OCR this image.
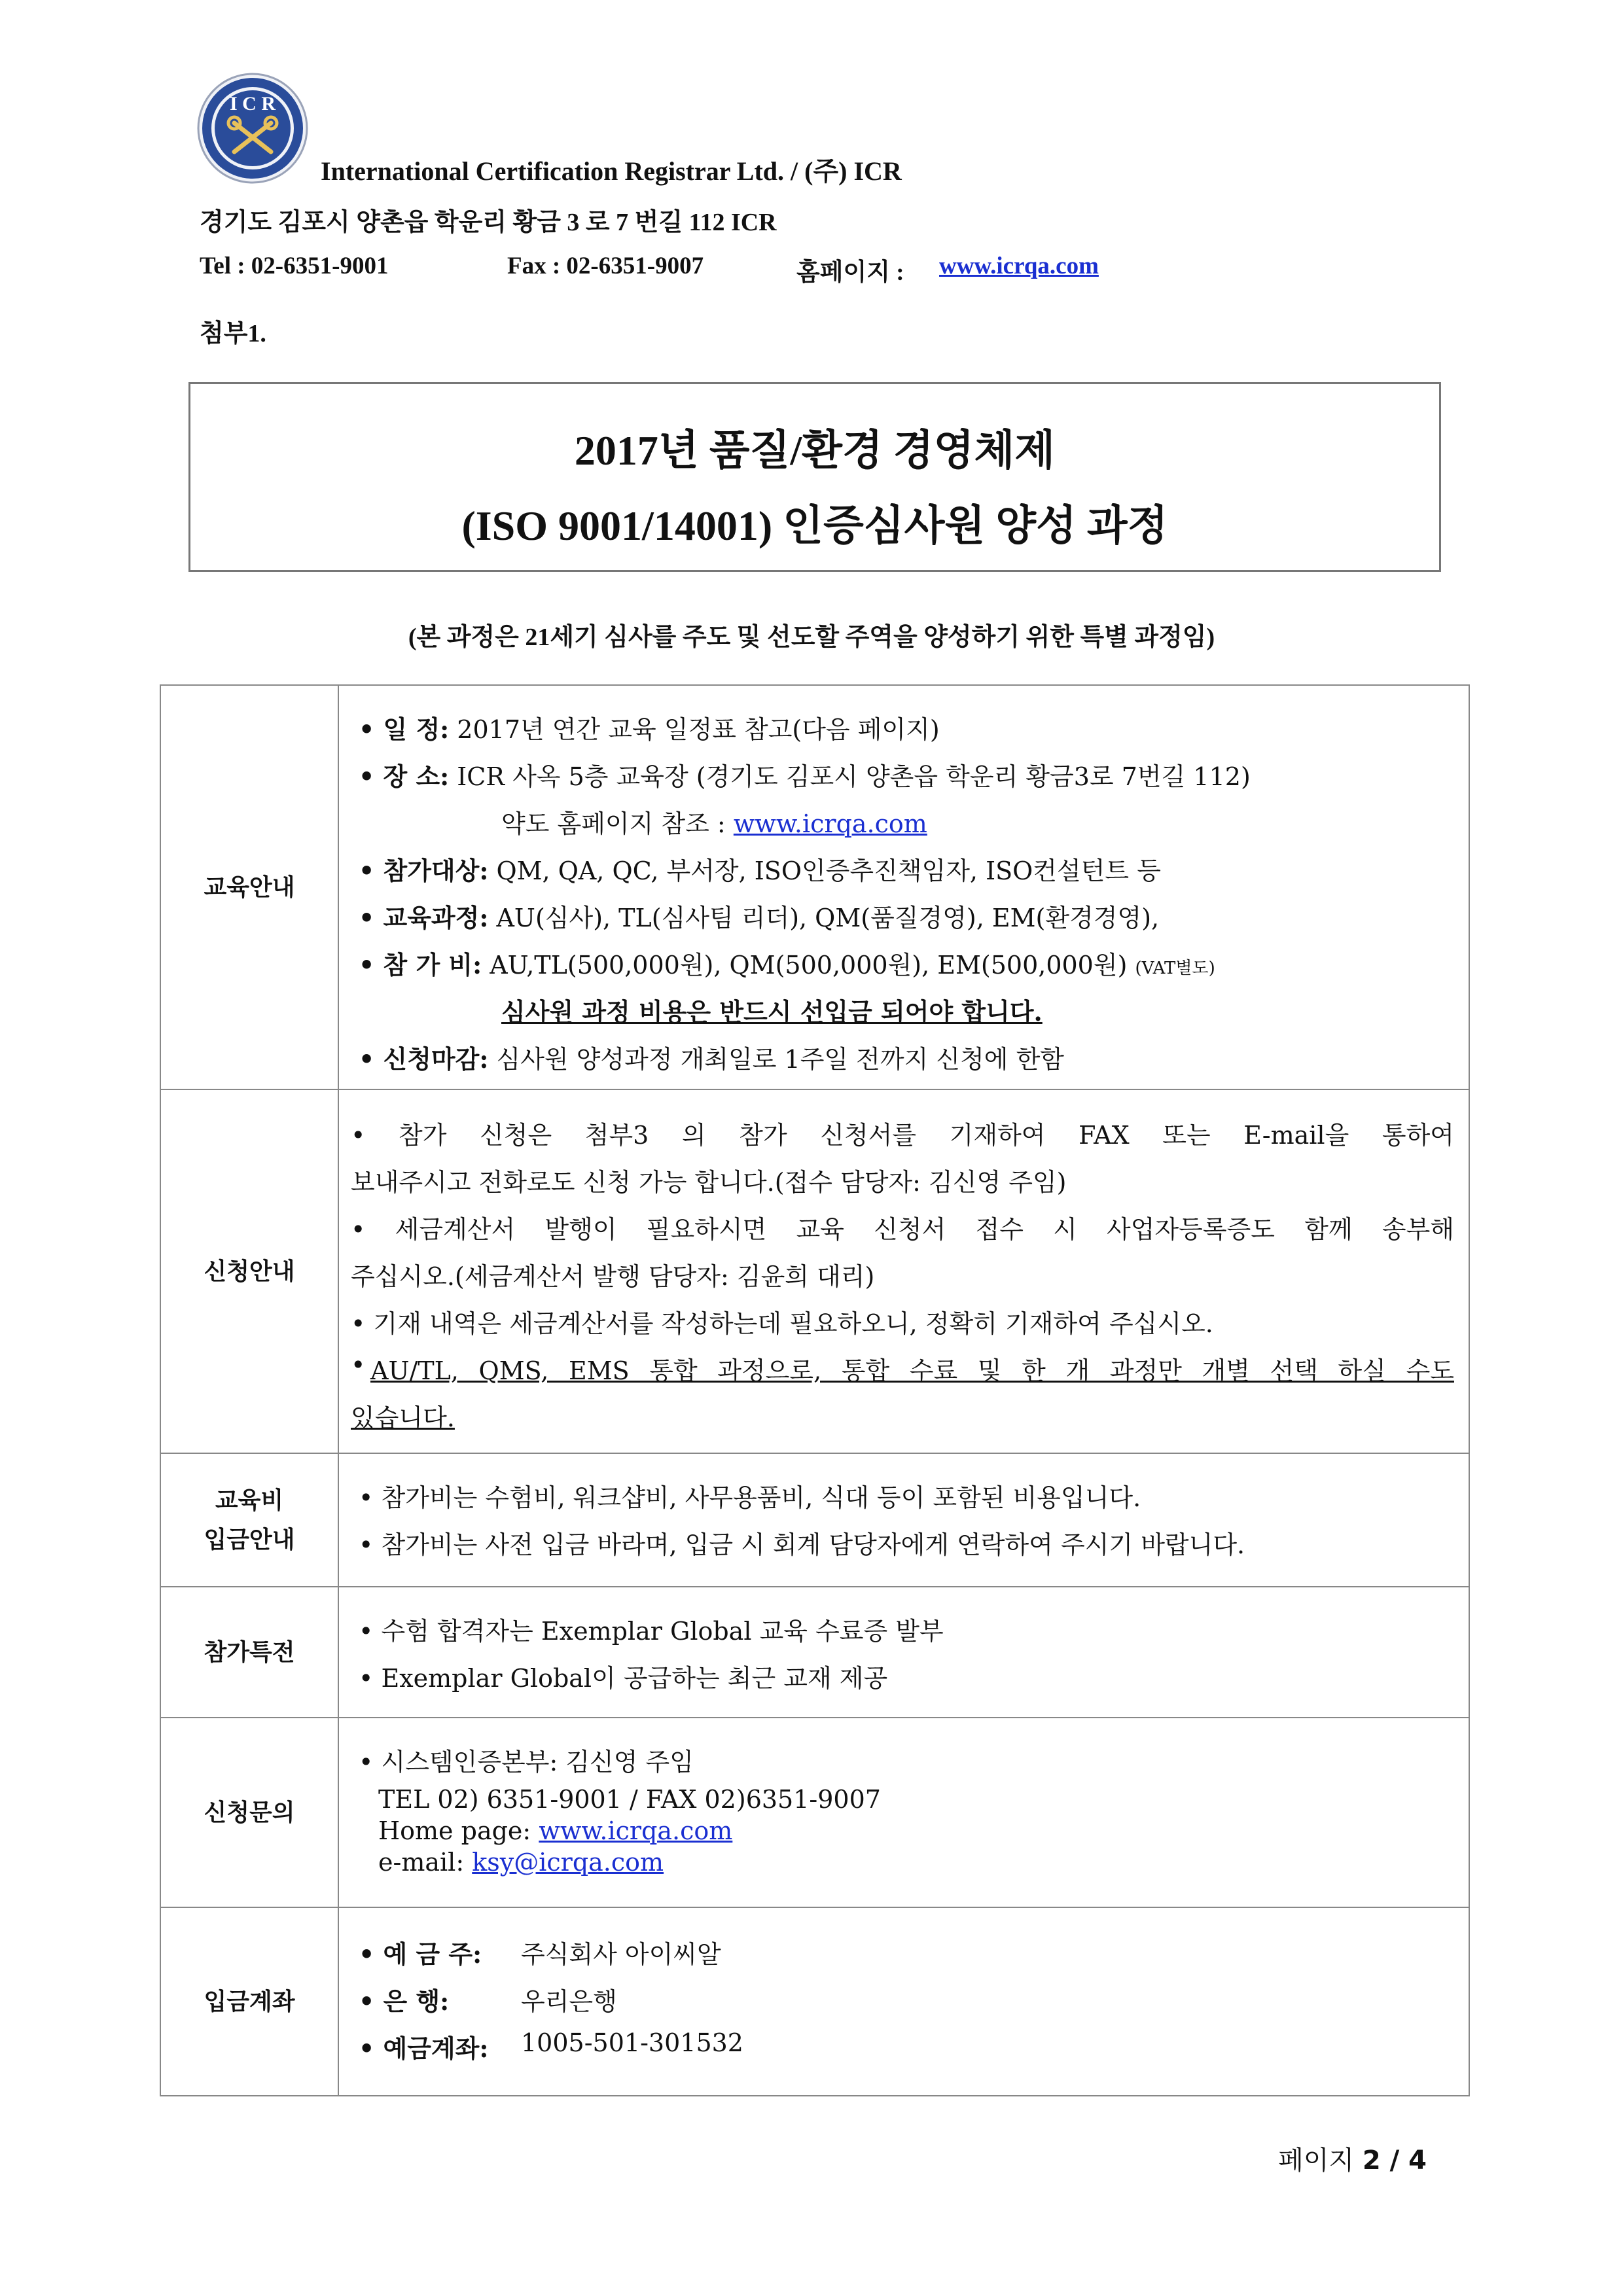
I C R
International Certification Registrar Ltd. / (주) ICR
경기도 김포시 양촌읍 학운리 황금 3 로 7 번길 112 ICR
Tel : 02-6351-9001	Fax : 02-6351-9007	홈페이지 : www.icrqa.com
첨부1.
2017년 품질/환경 경영체제
(ISO 9001/14001) 인증심사원 양성 과정
(본 과정은 21세기 심사를 주도 및 선도할 주역을 양성하기 위한 특별 과정임)
교육안내
• 일 정: 2017년 연간 교육 일정표 참고(다음 페이지)
• 장 소: ICR 사옥 5층 교육장 (경기도 김포시 양촌읍 학운리 황금3로 7번길 112)
약도 홈페이지 참조 : www.icrqa.com
• 참가대상: QM, QA, QC, 부서장, ISO인증추진책임자, ISO컨설턴트 등
• 교육과정: AU(심사), TL(심사팀 리더), QM(품질경영), EM(환경경영),
• 참 가 비: AU,TL(500,000원), QM(500,000원), EM(500,000원) (VAT별도)
심사원 과정 비용은 반드시 선입금 되어야 합니다.
• 신청마감: 심사원 양성과정 개최일로 1주일 전까지 신청에 한함
신청안내
• 참가 신청은 첨부3 의 참가 신청서를 기재하여 FAX 또는 E-mail을 통하여
보내주시고 전화로도 신청 가능 합니다.(접수 담당자: 김신영 주임)
• 세금계산서 발행이 필요하시면 교육 신청서 접수 시 사업자등록증도 함께 송부해
주십시오.(세금계산서 발행 담당자: 김윤희 대리)
• 기재 내역은 세금계산서를 작성하는데 필요하오니, 정확히 기재하여 주십시오.
• AU/TL, QMS, EMS 통합 과정으로, 통합 수료 및 한 개 과정만 개별 선택 하실 수도
있습니다.
교육비
입금안내
• 참가비는 수험비, 워크샵비, 사무용품비, 식대 등이 포함된 비용입니다.
• 참가비는 사전 입금 바라며, 입금 시 회계 담당자에게 연락하여 주시기 바랍니다.
참가특전
• 수험 합격자는 Exemplar Global 교육 수료증 발부
• Exemplar Global이 공급하는 최근 교재 제공
신청문의
• 시스템인증본부: 김신영 주임
TEL 02) 6351-9001 / FAX 02)6351-9007
Home page: www.icrqa.com
e-mail: ksy@icrqa.com
입금계좌
• 예 금 주: 주식회사 아이씨알
• 은 행:	우리은행
• 예금계좌: 1005-501-301532
페이지 2 / 4
